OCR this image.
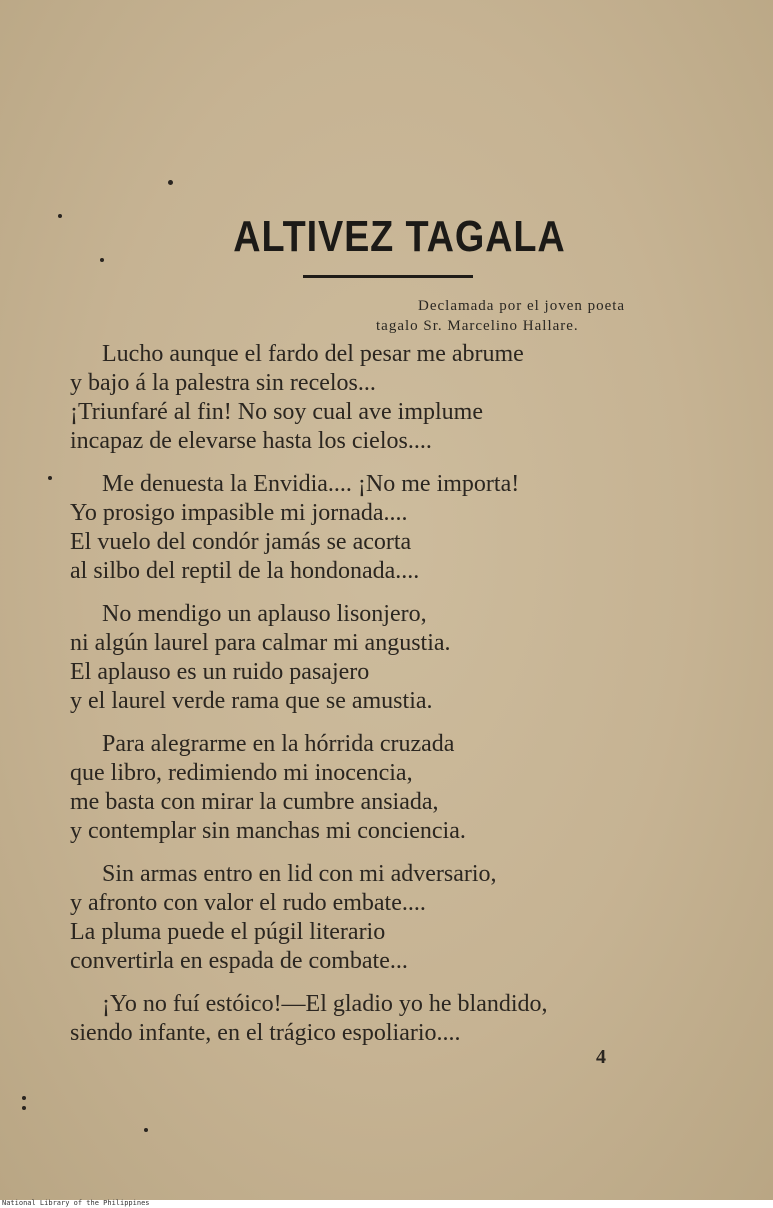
ALTIVEZ TAGALA
Declamada por el joven poeta
tagalo Sr. Marcelino Hallare.
Lucho aunque el fardo del pesar me abrume
y bajo á la palestra sin recelos...
¡Triunfaré al fin! No soy cual ave implume
incapaz de elevarse hasta los cielos....
Me denuesta la Envidia.... ¡No me importa!
Yo prosigo impasible mi jornada....
El vuelo del condór jamás se acorta
al silbo del reptil de la hondonada....
No mendigo un aplauso lisonjero,
ni algún laurel para calmar mi angustia.
El aplauso es un ruido pasajero
y el laurel verde rama que se amustia.
Para alegrarme en la hórrida cruzada
que libro, redimiendo mi inocencia,
me basta con mirar la cumbre ansiada,
y contemplar sin manchas mi conciencia.
Sin armas entro en lid con mi adversario,
y afronto con valor el rudo embate....
La pluma puede el púgil literario
convertirla en espada de combate...
¡Yo no fuí estóico!—El gladio yo he blandido,
siendo infante, en el trágico espoliario....
4
National Library of the Philippines
